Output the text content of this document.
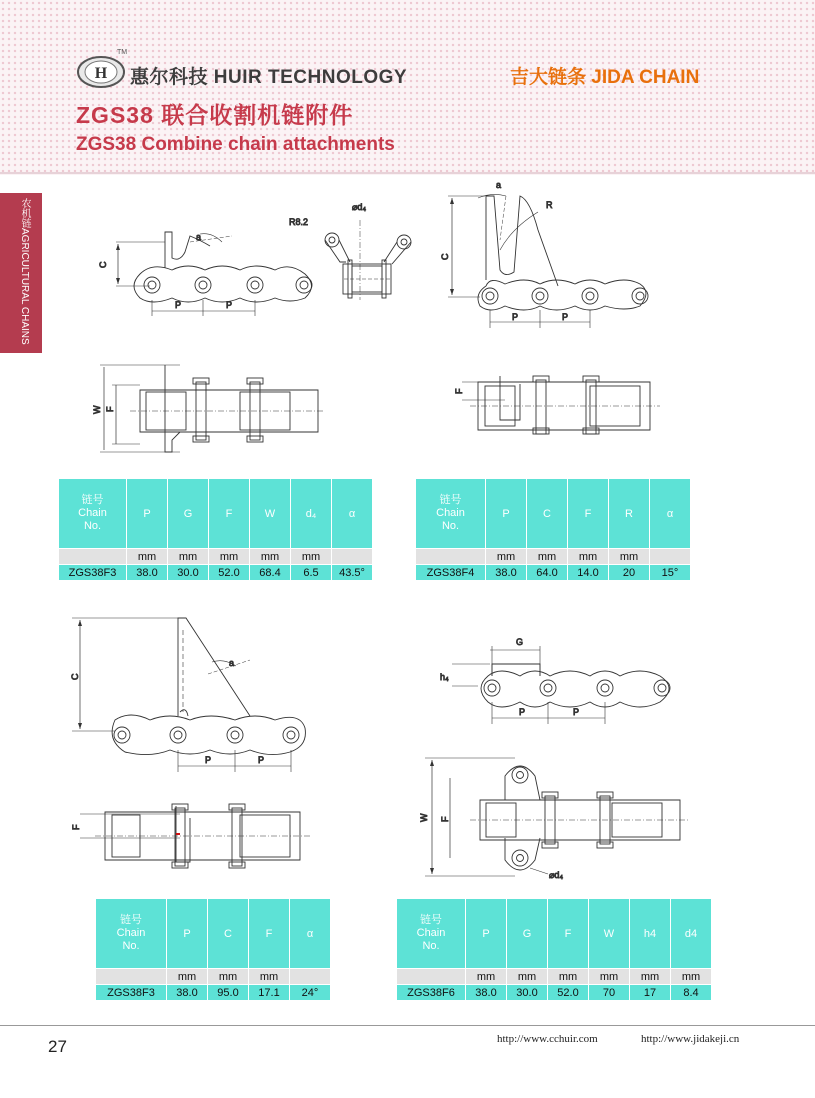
H
TM
惠尔科技 HUIR TECHNOLOGY	吉大链条 JIDA CHAIN
ZGS38 联合收割机链附件
ZGS38 Combine chain attachments
农机链AGRICULTURAL CHAINS	C
P	P
a
R8.2
⌀d₄
C
a
R
P	P
W F
F
C
a
P	P
G
h₄
P	P
F
W F
⌀d₄
链号
Chain
No.	P	G	F	W	d₄	α
	mm	mm	mm	mm	mm	
ZGS38F3	38.0	30.0	52.0	68.4	6.5	43.5°
链号
Chain
No.	P	C	F	R	α
	mm	mm	mm	mm	
ZGS38F4	38.0	64.0	14.0	20	15°
链号
Chain
No.	P	C	F	α
	mm	mm	mm	
ZGS38F3	38.0	95.0	17.1	24°
链号
Chain
No.	P	G	F	W	h4	d4
	mm	mm	mm	mm	mm	mm
ZGS38F6	38.0	30.0	52.0	70	17	8.4
27	http://www.cchuir.com	http://www.jidakeji.cn
